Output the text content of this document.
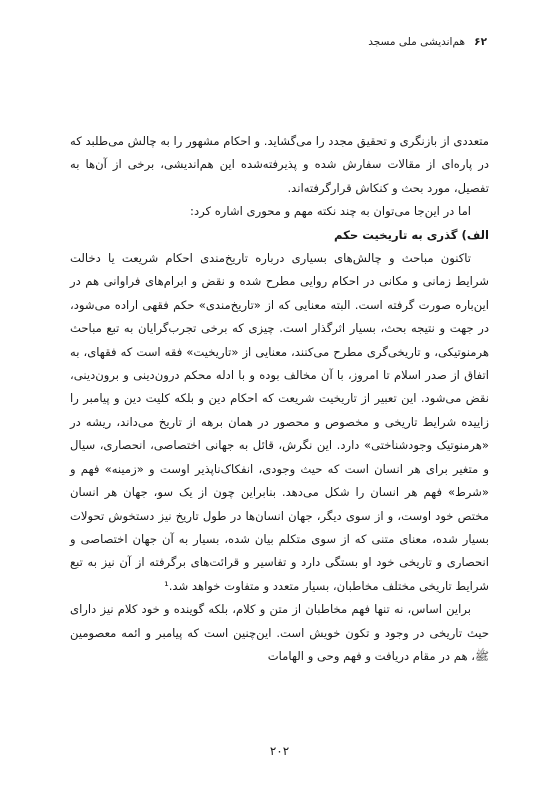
۶۲
هم‌اندیشی ملی مسجد

متعددی از بازنگری و تحقیق مجدد را می‌گشاید. و احکام مشهور را به چالش می‌طلبد که در پاره‌ای از مقالات سفارش شده و پذیرفته‌شده این هم‌اندیشی، برخی از آن‌ها به تفصیل، مورد بحث و کنکاش قرارگرفته‌اند.

اما در این‌جا می‌توان به چند نکته مهم و محوری اشاره کرد:

الف) گذری به تاریخیت حکم

تاکنون مباحث و چالش‌های بسیاری درباره تاریخ‌مندی احکام شریعت یا دخالت شرایط زمانی و مکانی در احکام روایی مطرح شده و نقض و ابرام‌های فراوانی هم در این‌باره صورت گرفته است. البته معنایی که از «تاریخ‌مندی» حکم فقهی اراده می‌شود، در جهت و نتیجه بحث، بسیار اثرگذار است. چیزی که برخی تجرب‌گرایان به تبع مباحث هرمنوتیکی، و تاریخی‌گری مطرح می‌کنند، معنایی از «تاریخیت» فقه است که فقهای، به اتفاق از صدر اسلام تا امروز، با آن مخالف بوده و با ادله محکم درون‌دینی و برون‌دینی، نقض می‌شود. این تعبیر از تاریخیت شریعت که احکام دین و بلکه کلیت دین و پیامبر را زاییده شرایط تاریخی و مخصوص و محصور در همان برهه از تاریخ می‌داند، ریشه در «هرمنوتیک وجودشناختی» دارد. این نگرش، قائل به جهانی اختصاصی، انحصاری، سیال و متغیر برای هر انسان است که حیث وجودی، انفکاک‌ناپذیر اوست و «زمینه» فهم و «شرط» فهم هر انسان را شکل می‌دهد. بنابراین چون از یک سو، جهان هر انسان مختص خود اوست، و از سوی دیگر، جهان انسان‌ها در طول تاریخ نیز دستخوش تحولات بسیار شده، معنای متنی که از سوی متکلم بیان شده، بسیار به آن جهان اختصاصی و انحصاری و تاریخی خود او بستگی دارد و تفاسیر و قرائت‌های برگرفته از آن نیز به تبع شرایط تاریخی مختلف مخاطبان، بسیار متعدد و متفاوت خواهد شد.¹

براین اساس، نه تنها فهم مخاطبان از متن و کلام، بلکه گوینده و خود کلام نیز دارای حیث تاریخی در وجود و تکون خویش است. این‌چنین است که پیامبر و ائمه معصومین ﷺ، هم در مقام دریافت و فهم وحی و الهامات

۲۰۲
